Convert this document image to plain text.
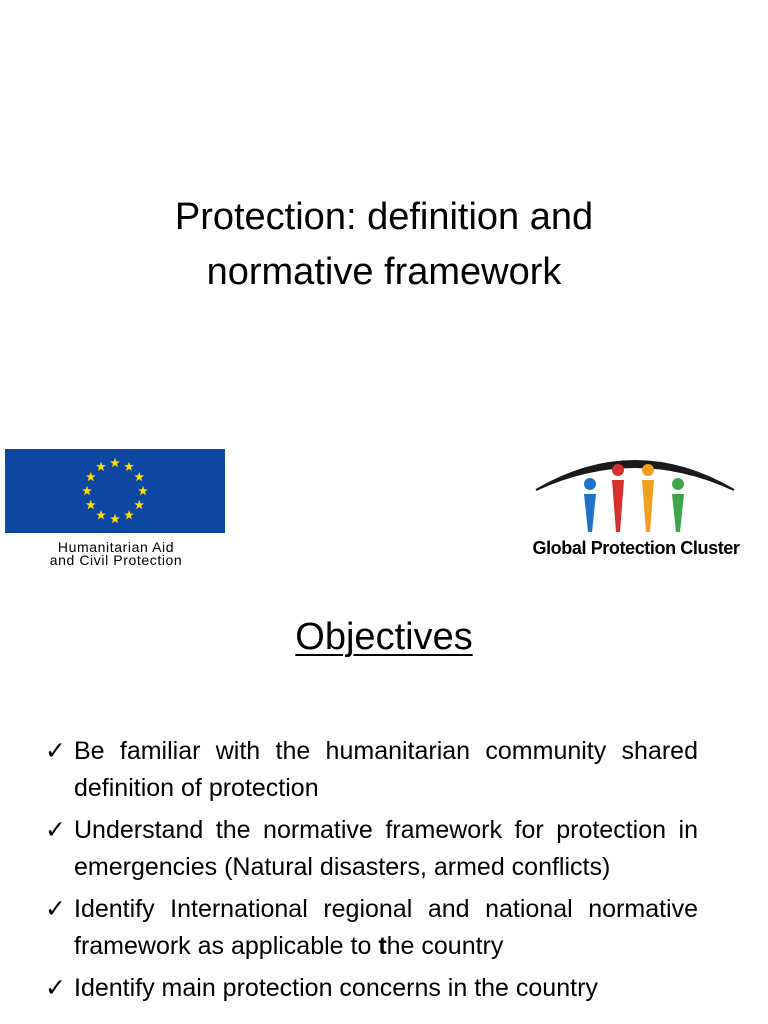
Protection: definition and
normative framework
Humanitarian Aid
and Civil Protection
Global Protection Cluster
Objectives
✓ Be familiar with the humanitarian community shared definition of protection
✓ Understand the normative framework for protection in emergencies (Natural disasters, armed conflicts)
✓ Identify International regional and national normative framework as applicable to the country
✓ Identify main protection concerns in the country
